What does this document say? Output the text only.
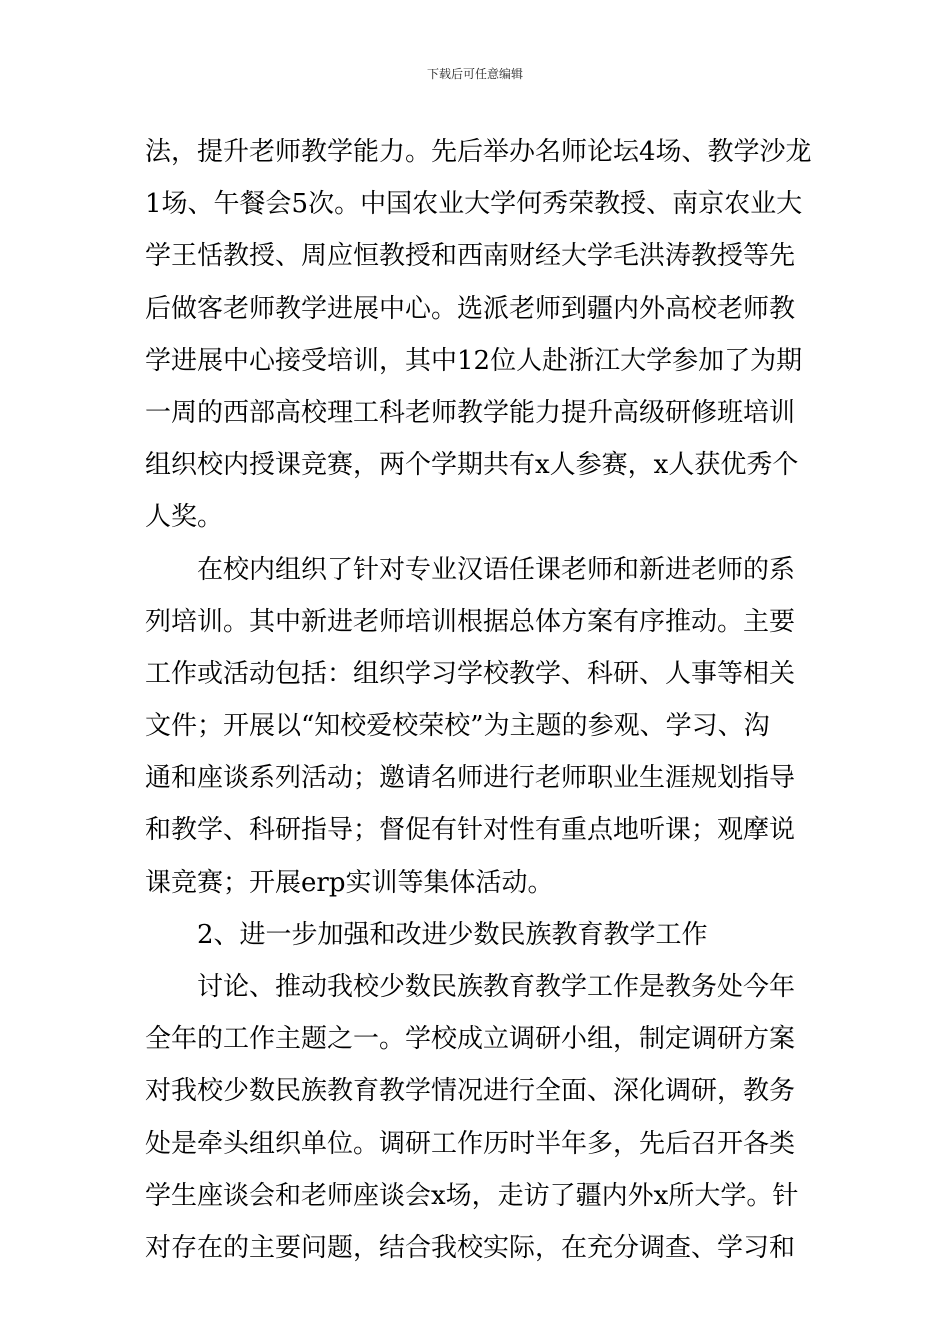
下载后可任意编辑
法，提升老师教学能力。先后举办名师论坛4场、教学沙龙
1场、午餐会5次。中国农业大学何秀荣教授、南京农业大
学王恬教授、周应恒教授和西南财经大学毛洪涛教授等先
后做客老师教学进展中心。选派老师到疆内外高校老师教
学进展中心接受培训，其中12位人赴浙江大学参加了为期
一周的西部高校理工科老师教学能力提升高级研修班培训
组织校内授课竞赛，两个学期共有x人参赛，x人获优秀个
人奖。
在校内组织了针对专业汉语任课老师和新进老师的系
列培训。其中新进老师培训根据总体方案有序推动。主要
工作或活动包括：组织学习学校教学、科研、人事等相关
文件；开展以“知校爱校荣校”为主题的参观、学习、沟
通和座谈系列活动；邀请名师进行老师职业生涯规划指导
和教学、科研指导；督促有针对性有重点地听课；观摩说
课竞赛；开展erp实训等集体活动。
2、进一步加强和改进少数民族教育教学工作
讨论、推动我校少数民族教育教学工作是教务处今年
全年的工作主题之一。学校成立调研小组，制定调研方案
对我校少数民族教育教学情况进行全面、深化调研，教务
处是牵头组织单位。调研工作历时半年多，先后召开各类
学生座谈会和老师座谈会x场，走访了疆内外x所大学。针
对存在的主要问题，结合我校实际，在充分调查、学习和
